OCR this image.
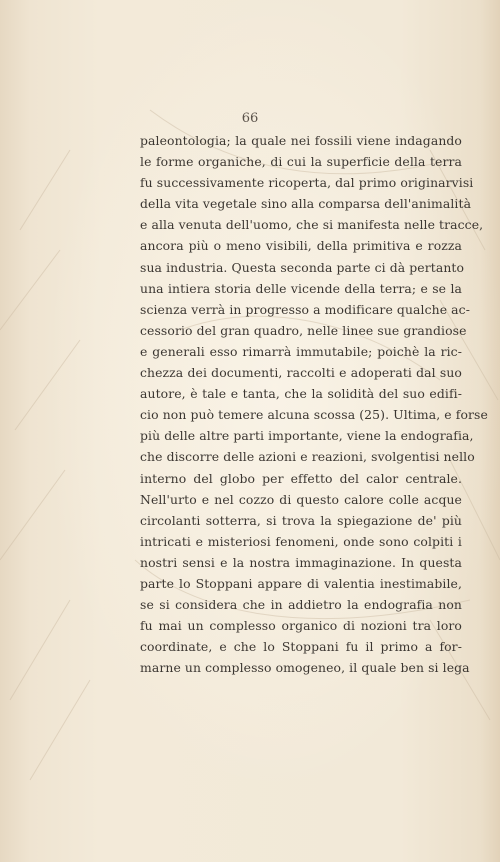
66
paleontologia; la quale nei fossili viene indagando
le forme organiche, di cui la superficie della terra
fu successivamente ricoperta, dal primo originarvisi
della vita vegetale sino alla comparsa dell'animalità
e alla venuta dell'uomo, che si manifesta nelle tracce,
ancora più o meno visibili, della primitiva e rozza
sua industria. Questa seconda parte ci dà pertanto
una intiera storia delle vicende della terra; e se la
scienza verrà in progresso a modificare qualche ac-
cessorio del gran quadro, nelle linee sue grandiose
e generali esso rimarrà immutabile; poichè la ric-
chezza dei documenti, raccolti e adoperati dal suo
autore, è tale e tanta, che la solidità del suo edifi-
cio non può temere alcuna scossa (25). Ultima, e forse
più delle altre parti importante, viene la endografia,
che discorre delle azioni e reazioni, svolgentisi nello
interno del globo per effetto del calor centrale.
Nell'urto e nel cozzo di questo calore colle acque
circolanti sotterra, si trova la spiegazione de' più
intricati e misteriosi fenomeni, onde sono colpiti i
nostri sensi e la nostra immaginazione. In questa
parte lo Stoppani appare di valentia inestimabile,
se si considera che in addietro la endografia non
fu mai un complesso organico di nozioni tra loro
coordinate, e che lo Stoppani fu il primo a for-
marne un complesso omogeneo, il quale ben si lega
